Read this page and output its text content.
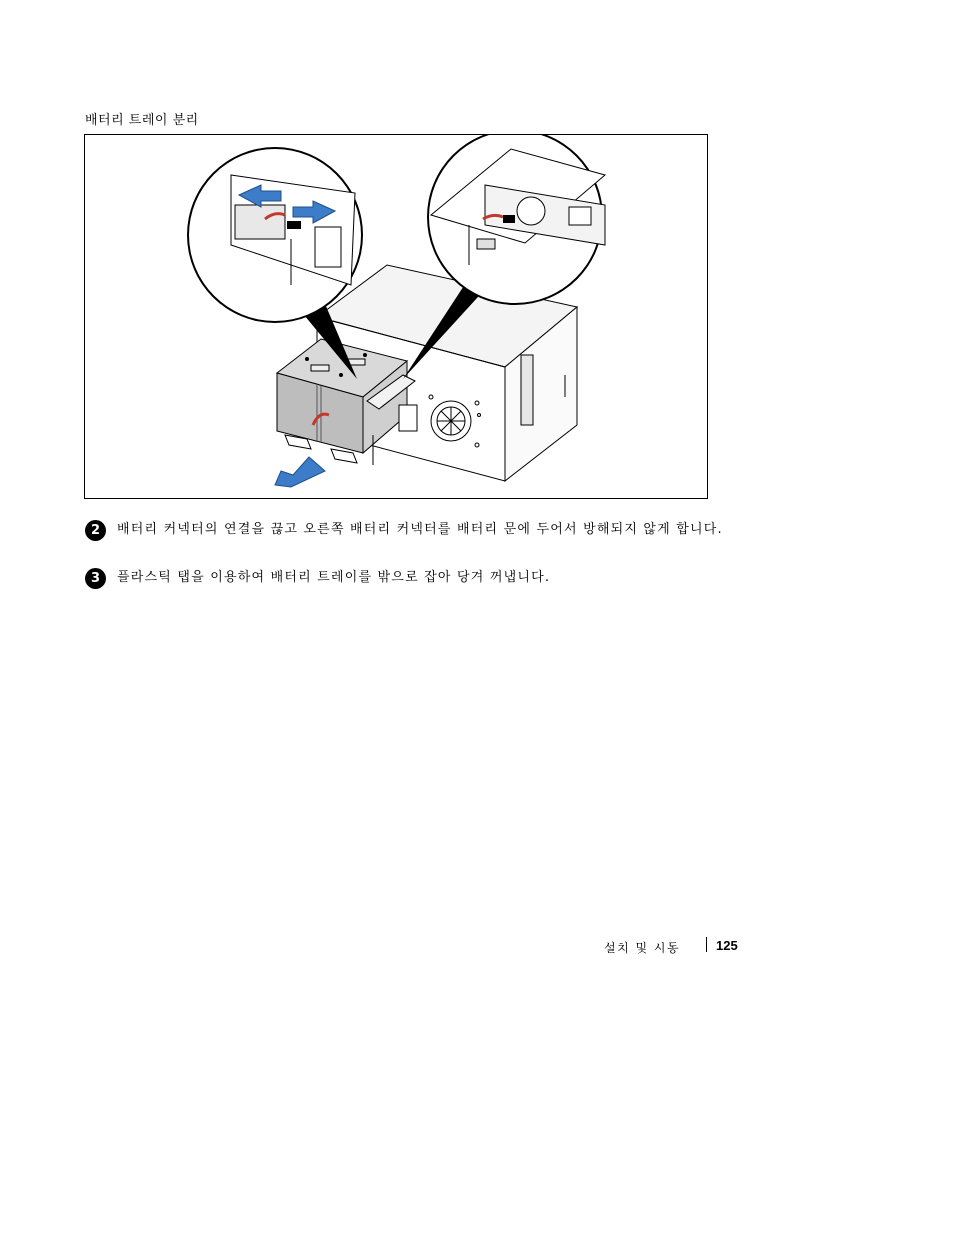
배터리 트레이 분리
2	배터리 커넥터의 연결을 끊고 오른쪽 배터리 커넥터를 배터리 문에 두어서 방해되지 않게 합니다.
3	플라스틱 탭을 이용하여 배터리 트레이를 밖으로 잡아 당겨 꺼냅니다.
설치 및 시동	125
